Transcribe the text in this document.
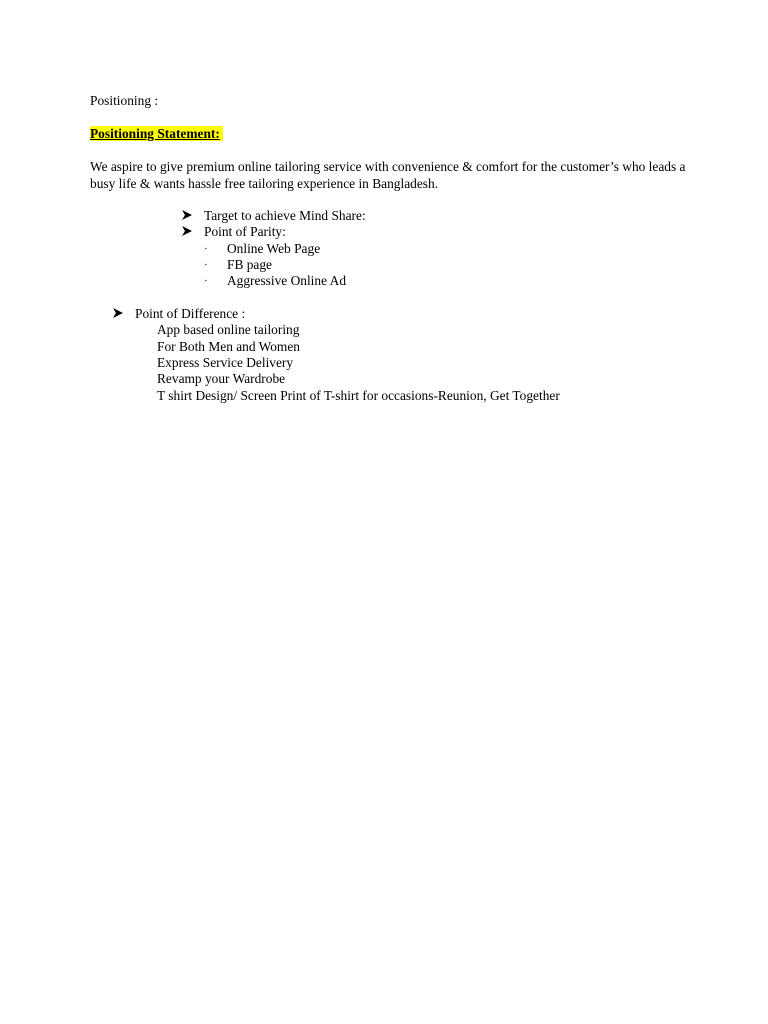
Positioning :
Positioning Statement:
We aspire to give premium online tailoring service with convenience & comfort for the customer’s who leads a busy life & wants hassle free tailoring experience in Bangladesh.
Target to achieve Mind Share:
Point of Parity:
·	Online Web Page
·	FB page
·	Aggressive Online Ad
Point of Difference :
App based online tailoring
For Both Men and Women
Express Service Delivery
Revamp your Wardrobe
T shirt Design/ Screen Print of T-shirt for occasions-Reunion, Get Together
